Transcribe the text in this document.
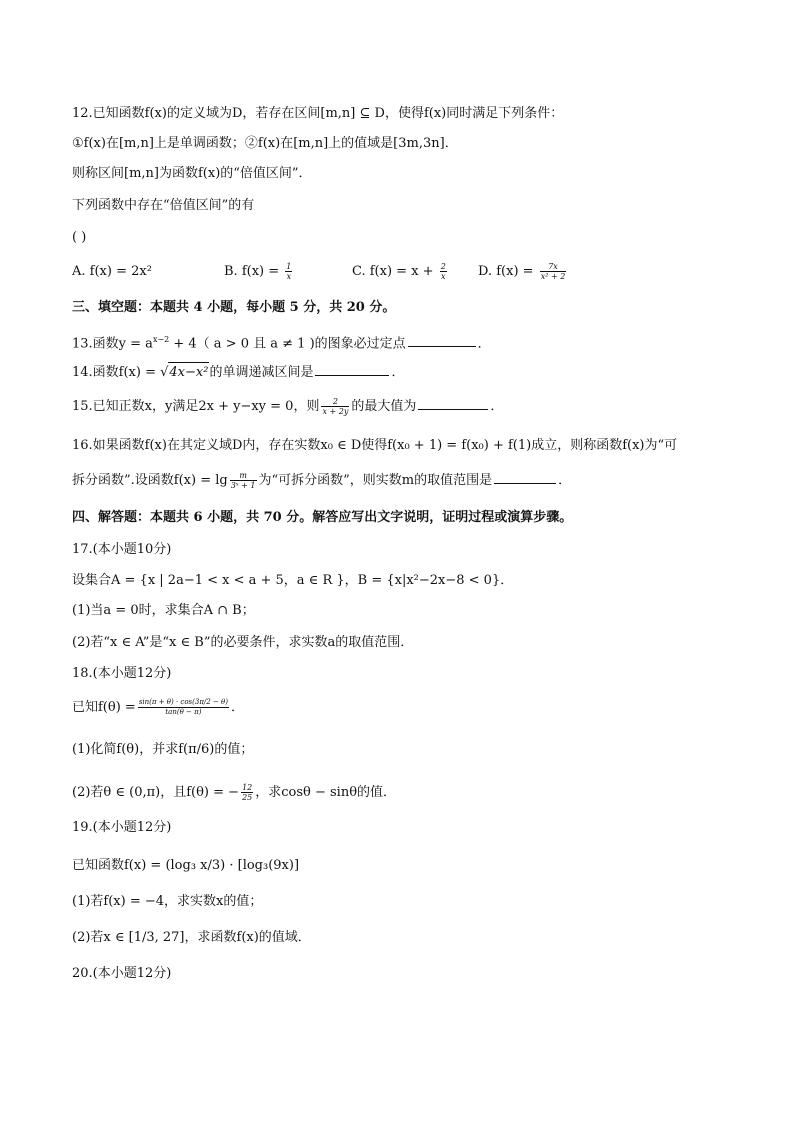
12.已知函数f(x)的定义域为D，若存在区间[m,n] ⊆ D，使得f(x)同时满足下列条件：
①f(x)在[m,n]上是单调函数；②f(x)在[m,n]上的值域是[3m,3n]．
则称区间[m,n]为函数f(x)的“倍值区间”．
下列函数中存在“倍值区间”的有
( )
A. f(x) = 2x²	B. $f(x) = \frac{1}{x}$	C. $f(x) = x + \frac{2}{x} D$. $f(x) = \frac{7x}{\text{x² + 2}}$
三、填空题：本题共 4 小题，每小题 5 分，共 20 分。
13.函数$y = a^{x-2} + 4$（ a > 0 且 a ≠ 1 )的图象必过定点	．
14.函数f(x) = √4x−x²的单调递减区间是	．
15.已知正数x，y满足2x + y−xy = 0，则 $\frac{2}{x + 2y}$ 的最大值为	．
16.如果函数f(x)在其定义域D内，存在实数x₀ ∈ D使得f(x₀ + 1) = f(x₀) + f(1)成立，则称函数f(x)为“可
拆分函数”.设函数$f(x) = \lg \frac{m}{\text{3ˣ + 1}}$ 为“可拆分函数”，则实数m的取值范围是	．
四、解答题：本题共 6 小题，共 70 分。解答应写出文字说明，证明过程或演算步骤。
17.(本小题10分)
设集合A = {x | 2a−1 < x < a + 5，a ∈ R }，B = {x|x²−2x−8 < 0}．
(1)当a = 0时，求集合A ∩ B；
(2)若“x ∈ A”是“x ∈ B”的必要条件，求实数a的取值范围．
18.(本小题12分)
已知$f(\theta) = \frac{\sin(\pi + \theta) \cdot \cos(3\pi/2 - \theta)}{\tan(\theta - \pi)}$ ．
(1)化简f(θ)，并求f(π/6)的值；
(2)若θ ∈ (0,π)，且f(θ) = − $\frac{12}{25}$ ，求cosθ − sinθ的值．
19.(本小题12分)
已知函数f(x) = (log₃ x/3) · [log₃(9x)]
(1)若f(x) = −4，求实数x的值；
(2)若x ∈ [1/3, 27]，求函数f(x)的值域．
20.(本小题12分)
